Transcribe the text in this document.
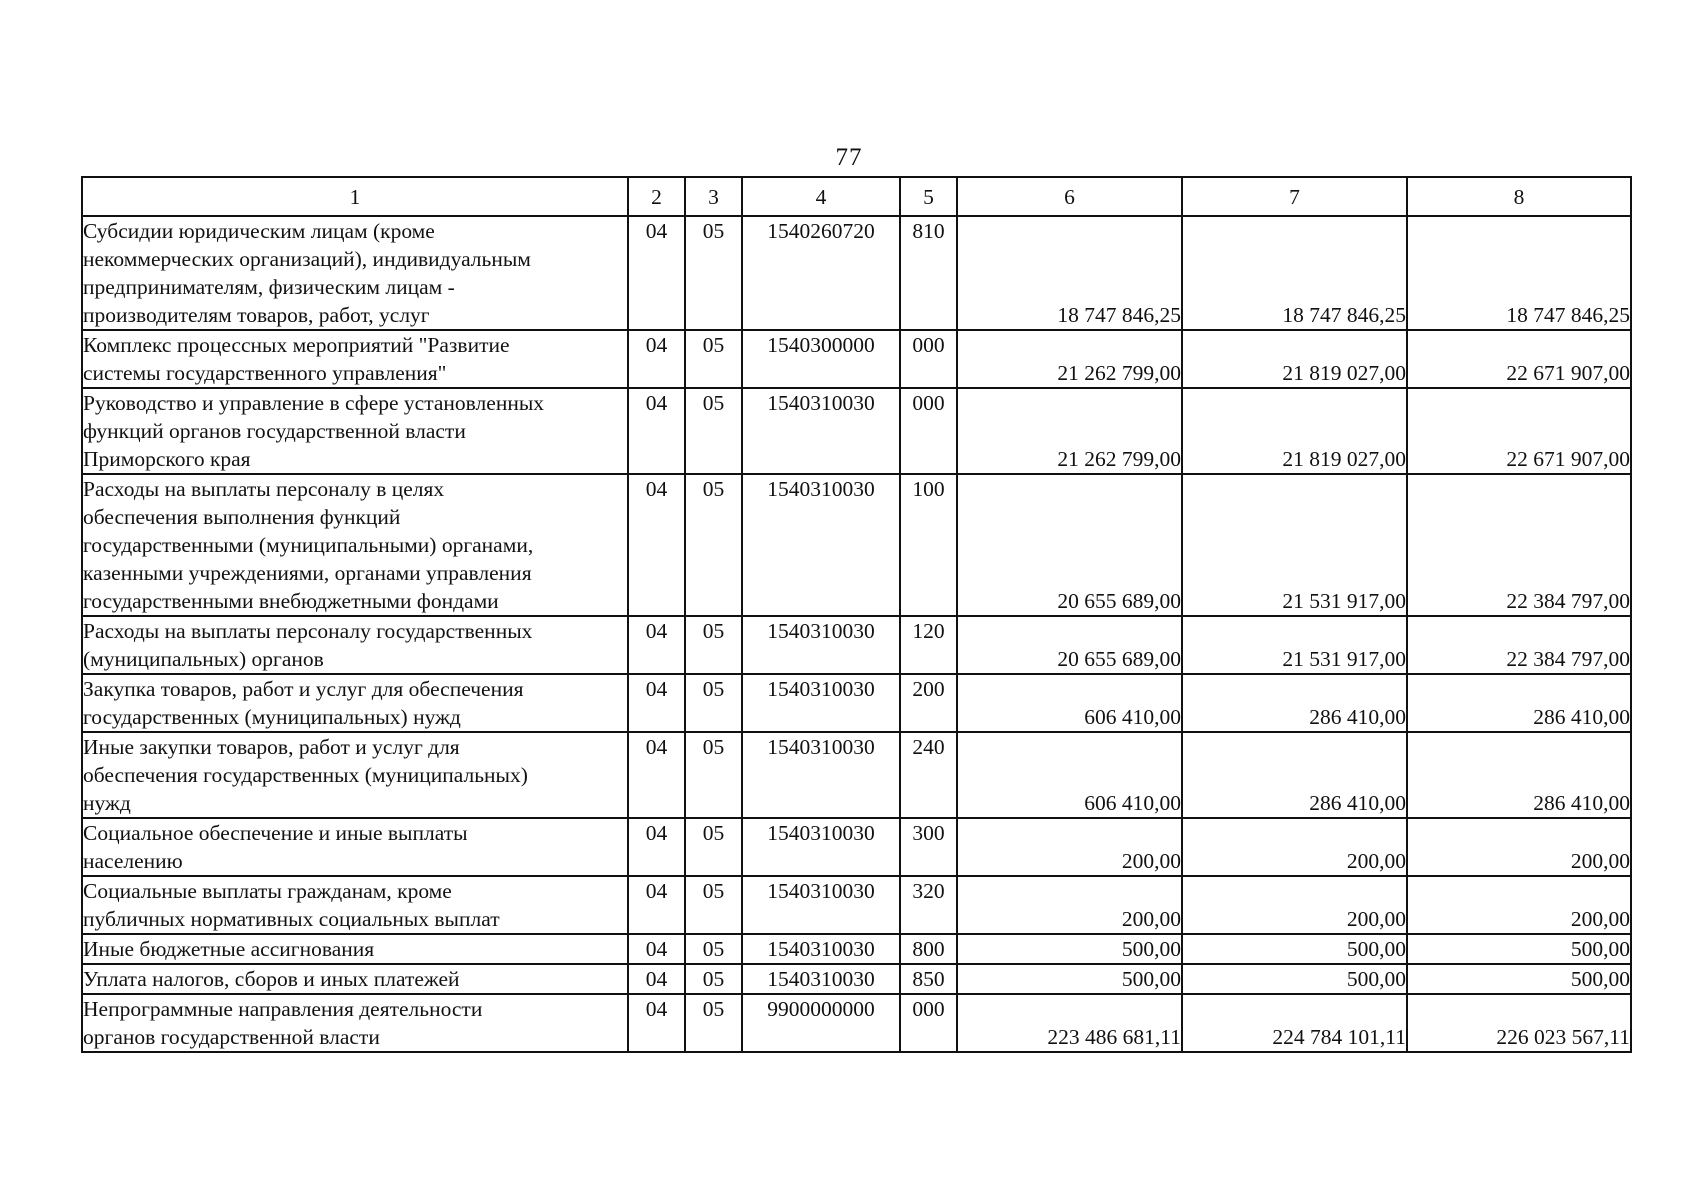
77
1	2	3	4	5	6	7	8

Субсидии юридическим лицам (кроме
некоммерческих организаций), индивидуальным
предпринимателям, физическим лицам -
производителям товаров, работ, услуг	04	05	1540260720	810	18 747 846,25	18 747 846,25	18 747 846,25

Комплекс процессных мероприятий "Развитие
системы государственного управления"	04	05	1540300000	000	21 262 799,00	21 819 027,00	22 671 907,00

Руководство и управление в сфере установленных
функций органов государственной власти
Приморского края	04	05	1540310030	000	21 262 799,00	21 819 027,00	22 671 907,00

Расходы на выплаты персоналу в целях
обеспечения выполнения функций
государственными (муниципальными) органами,
казенными учреждениями, органами управления
государственными внебюджетными фондами	04	05	1540310030	100	20 655 689,00	21 531 917,00	22 384 797,00

Расходы на выплаты персоналу государственных
(муниципальных) органов	04	05	1540310030	120	20 655 689,00	21 531 917,00	22 384 797,00

Закупка товаров, работ и услуг для обеспечения
государственных (муниципальных) нужд	04	05	1540310030	200	606 410,00	286 410,00	286 410,00

Иные закупки товаров, работ и услуг для
обеспечения государственных (муниципальных)
нужд	04	05	1540310030	240	606 410,00	286 410,00	286 410,00

Социальное обеспечение и иные выплаты
населению	04	05	1540310030	300	200,00	200,00	200,00

Социальные выплаты гражданам, кроме
публичных нормативных социальных выплат	04	05	1540310030	320	200,00	200,00	200,00

Иные бюджетные ассигнования	04	05	1540310030	800	500,00	500,00	500,00

Уплата налогов, сборов и иных платежей	04	05	1540310030	850	500,00	500,00	500,00

Непрограммные направления деятельности
органов государственной власти	04	05	9900000000	000	223 486 681,11	224 784 101,11	226 023 567,11
